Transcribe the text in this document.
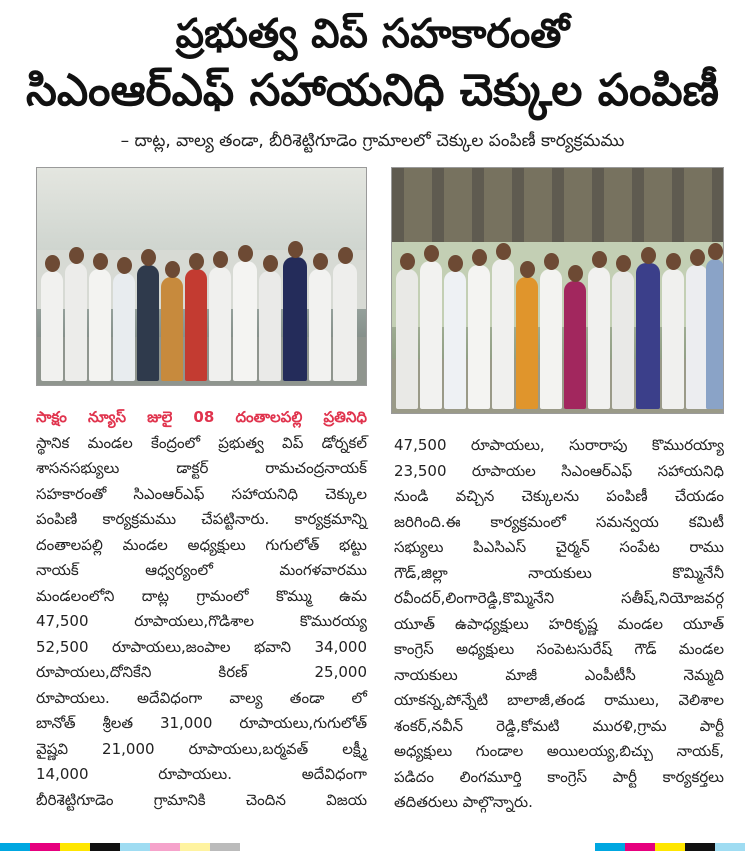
ప్రభుత్వ విప్ సహకారంతో
సిఎంఆర్ఎఫ్ సహాయనిధి చెక్కుల పంపిణీ
– దాట్ల, వాల్య తండా, బీరిశెట్టిగూడెం గ్రామాలలో చెక్కుల పంపిణీ కార్యక్రమము
సాక్షం న్యూస్ జులై 08 దంతాలపల్లి ప్రతినిధి
స్థానిక మండల కేంద్రంలో ప్రభుత్వ విప్ డోర్నకల్
శాసనసభ్యులు డాక్టర్ రామచంద్రనాయక్
సహకారంతో సిఎంఆర్ఎఫ్ సహాయనిధి చెక్కుల
పంపిణి కార్యక్రమము చేపట్టినారు. కార్యక్రమాన్ని
దంతాలపల్లి మండల అధ్యక్షులు గుగులోత్ భట్టు
నాయక్ ఆధ్వర్యంలో మంగళవారము
మండలంలోని దాట్ల గ్రామంలో కొమ్ము ఉమ
47,500 రూపాయలు,గొడిశాల కొమురయ్య
52,500 రూపాయలు,జంపాల భవాని 34,000
రూపాయలు,దోనికేని కిరణ్ 25,000
రూపాయలు. అదేవిధంగా వాల్య తండా లో
బానోత్ శ్రీలత 31,000 రూపాయలు,గుగులోత్
వైష్ణవి 21,000 రూపాయలు,బర్మవత్ లక్ష్మీ
14,000 రూపాయలు. అదేవిధంగా
బీరిశెట్టిగూడెం గ్రామానికి చెందిన విజయ
47,500 రూపాయలు, సురారాపు కొమురయ్యా
23,500 రూపాయల సిఎంఆర్ఎఫ్ సహాయనిధి
నుండి వచ్చిన చెక్కులను పంపిణీ చేయడం
జరిగింది.ఈ కార్యక్రమంలో సమన్వయ కమిటీ
సభ్యులు పిఎసిఎస్ చైర్మన్ సంపేట రాము
గౌడ్,జిల్లా నాయకులు కొమ్మినేనీ
రవీందర్,లింగారెడ్డి,కొమ్మినేని సతీష్,నియోజవర్గ
యూత్ ఉపాధ్యక్షులు హరికృష్ణ మండల యూత్
కాంగ్రెస్ అధ్యక్షులు సంపెటసురేష్ గౌడ్ మండల
నాయకులు మాజీ ఎంపీటీసీ నెమ్మది
యాకన్న,పోన్నేటి బాలాజీ,తండ రాములు, వెలిశాల
శంకర్,నవీన్ రెడ్డి,కోమటి మురళి,గ్రామ పార్టీ
అధ్యక్షులు గుండాల అయిలయ్య,బిచ్చు నాయక్,
పడిదం లింగమూర్తి కాంగ్రెస్ పార్టీ కార్యకర్తలు
తదితరులు పాల్గొన్నారు.
